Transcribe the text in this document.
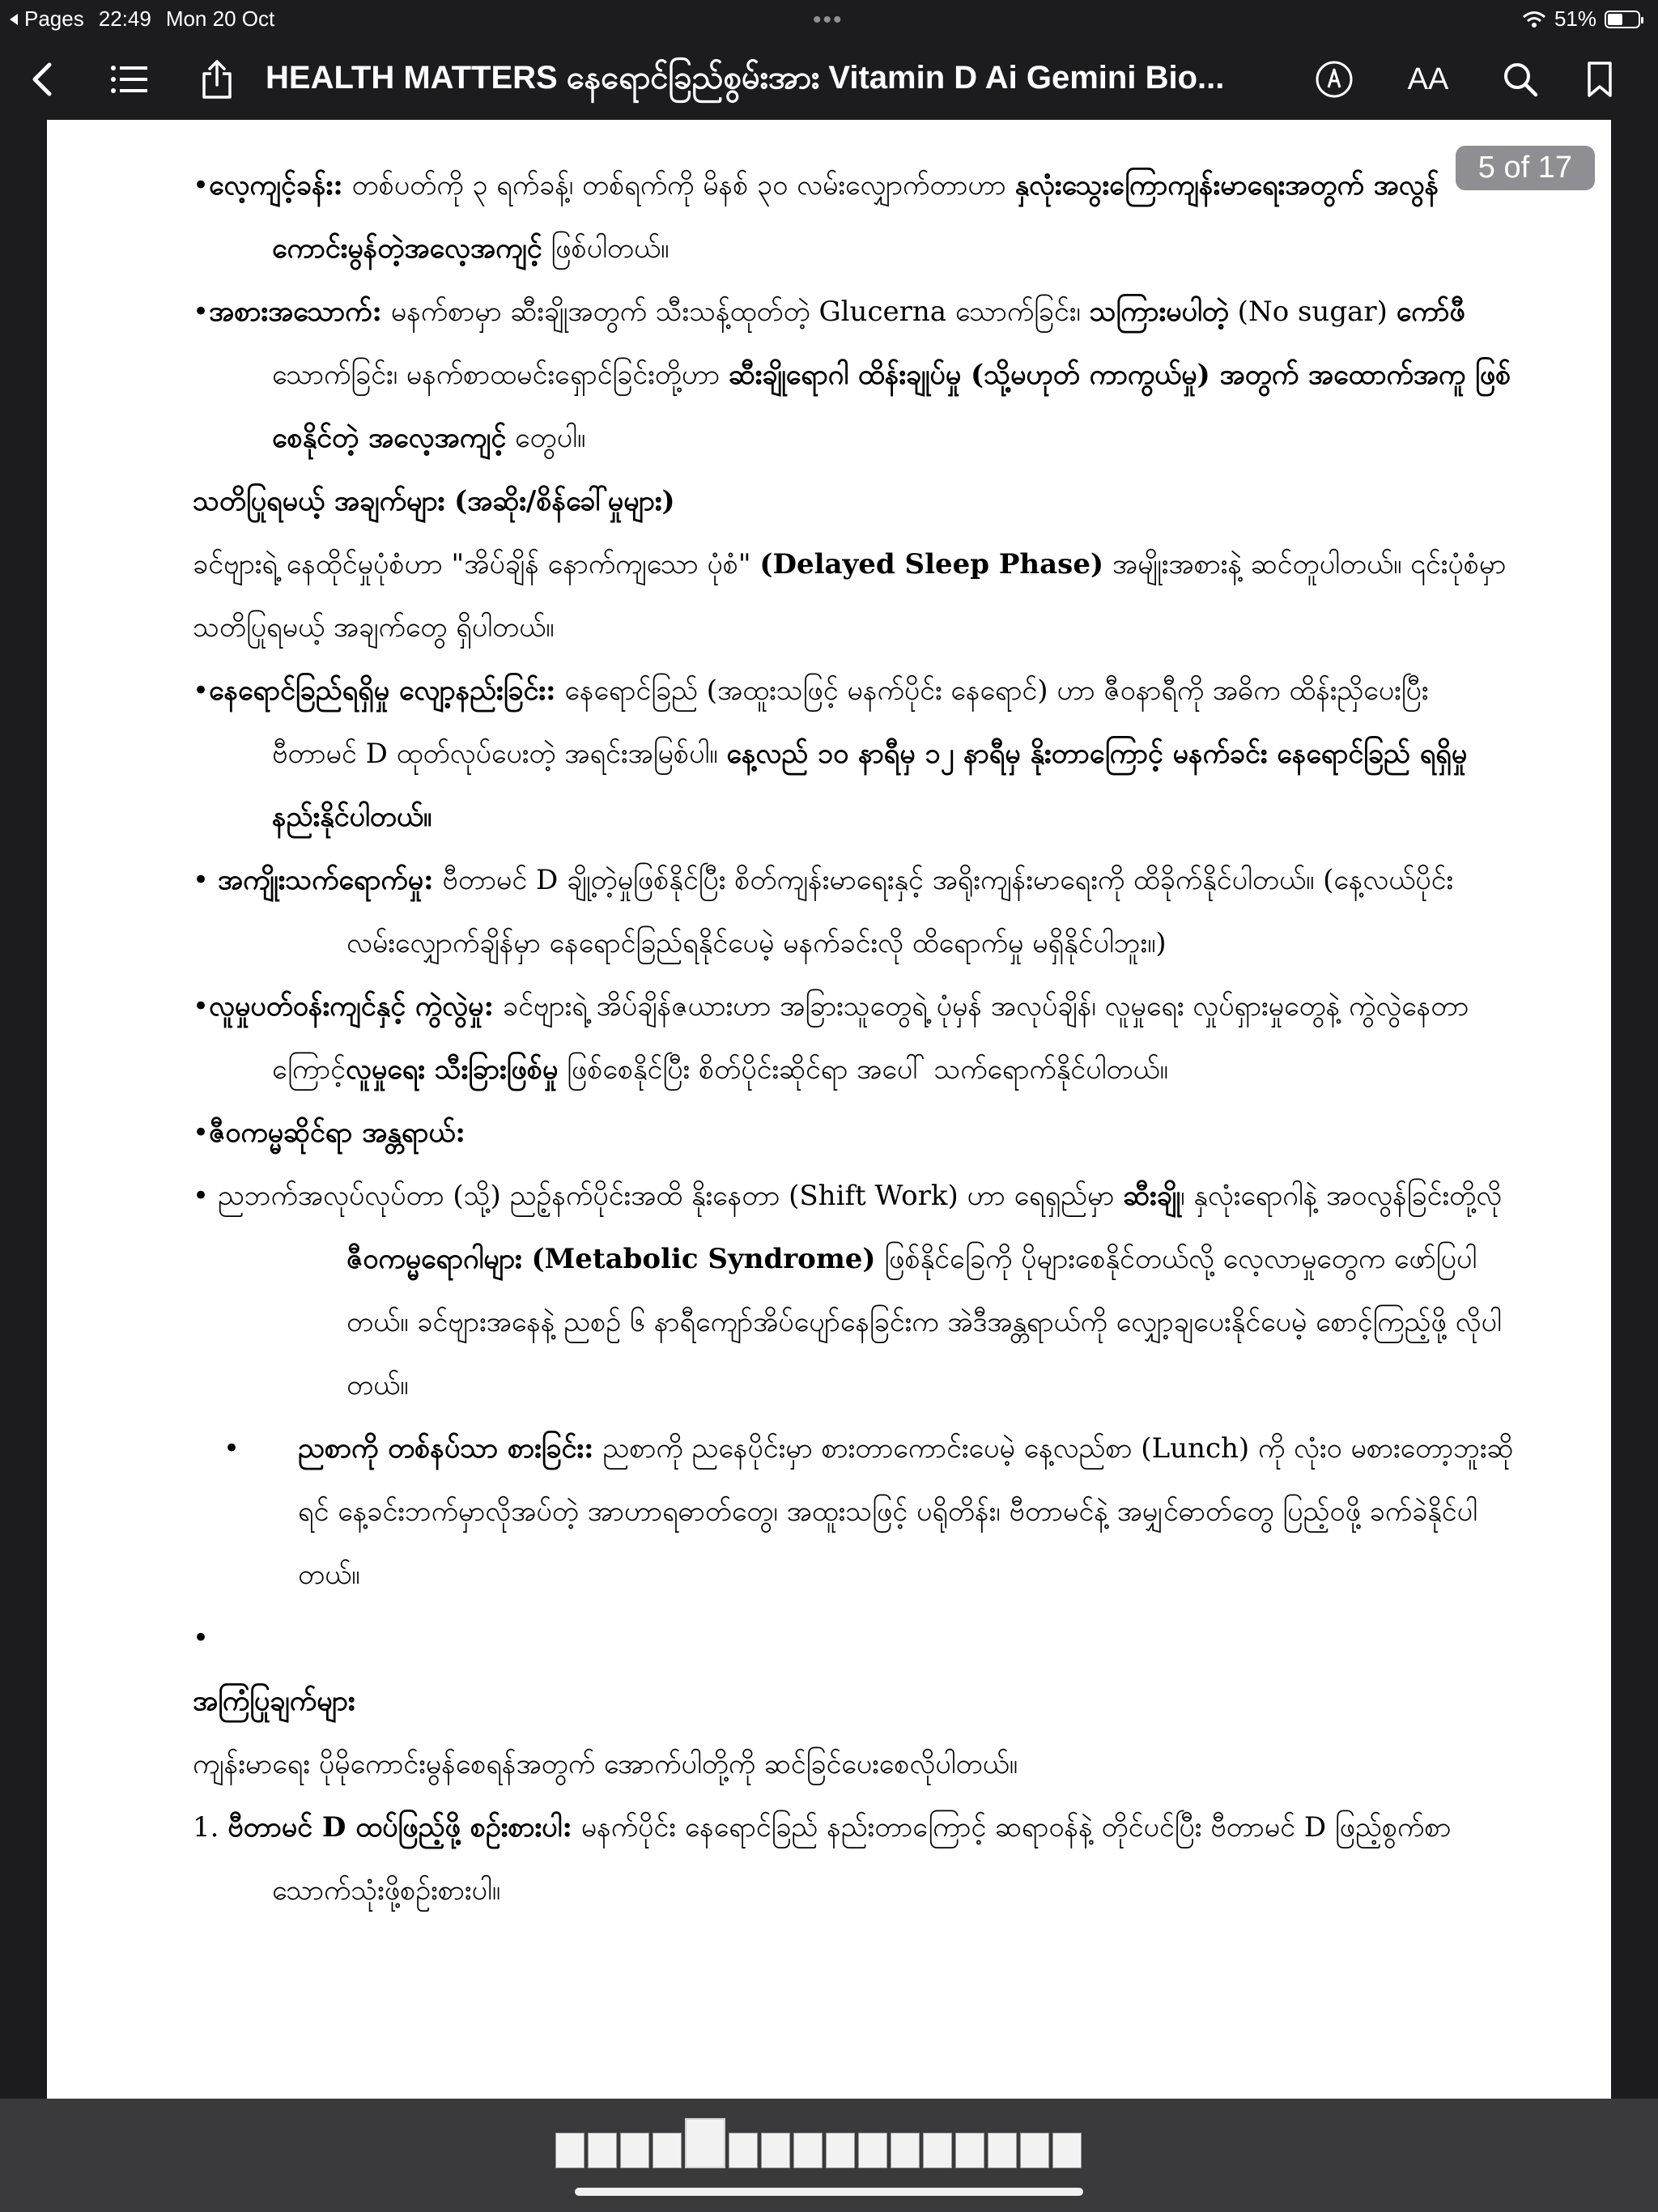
Pages 22:49 Mon 20 Oct	•••	51%
HEALTH MATTERS နေရောင်ခြည်စွမ်းအား Vitamin D Ai Gemini Bio...	AA
5 of 17
•လေ့ကျင့်ခန်း: တစ်ပတ်ကို ၃ ရက်ခန့်၊ တစ်ရက်ကို မိနစ် ၃၀ လမ်းလျှောက်တာဟာ နှလုံးသွေးကြောကျန်းမာရေးအတွက် အလွန်ကောင်းမွန်တဲ့အလေ့အကျင့် ဖြစ်ပါတယ်။
•အစားအသောက်: မနက်စာမှာ ဆီးချိုအတွက် သီးသန့်ထုတ်တဲ့ Glucerna သောက်ခြင်း၊ သကြားမပါတဲ့ (No sugar) ကော်ဖီ သောက်ခြင်း၊ မနက်စာထမင်းရှောင်ခြင်းတို့ဟာ ဆီးချိုရောဂါ ထိန်းချုပ်မှု (သို့မဟုတ် ကာကွယ်မှု) အတွက် အထောက်အကူ ဖြစ်စေနိုင်တဲ့ အလေ့အကျင့် တွေပါ။
သတိပြုရမယ့် အချက်များ (အဆိုး/စိန်ခေါ်မှုများ)
ခင်ဗျားရဲ့ နေထိုင်မှုပုံစံဟာ "အိပ်ချိန် နောက်ကျသော ပုံစံ" (Delayed Sleep Phase) အမျိုးအစားနဲ့ ဆင်တူပါတယ်။ ၎င်းပုံစံမှာ သတိပြုရမယ့် အချက်တွေ ရှိပါတယ်။
•နေရောင်ခြည်ရရှိမှု လျော့နည်းခြင်း: နေရောင်ခြည် (အထူးသဖြင့် မနက်ပိုင်း နေရောင်) ဟာ ဇီဝနာရီကို အဓိက ထိန်းညှိပေးပြီး ဗီတာမင် D ထုတ်လုပ်ပေးတဲ့ အရင်းအမြစ်ပါ။ နေ့လည် ၁၀ နာရီမှ ၁၂ နာရီမှ နိုးတာကြောင့် မနက်ခင်း နေရောင်ခြည် ရရှိမှု နည်းနိုင်ပါတယ်။
• အကျိုးသက်ရောက်မှု: ဗီတာမင် D ချို့တဲ့မှုဖြစ်နိုင်ပြီး စိတ်ကျန်းမာရေးနှင့် အရိုးကျန်းမာရေးကို ထိခိုက်နိုင်ပါတယ်။ (နေ့လယ်ပိုင်းလမ်းလျှောက်ချိန်မှာ နေရောင်ခြည်ရနိုင်ပေမဲ့ မနက်ခင်းလို ထိရောက်မှု မရှိနိုင်ပါဘူး။)
•လူမှုပတ်ဝန်းကျင်နှင့် ကွဲလွဲမှု: ခင်ဗျားရဲ့ အိပ်ချိန်ဇယားဟာ အခြားသူတွေရဲ့ ပုံမှန် အလုပ်ချိန်၊ လူမှုရေး လှုပ်ရှားမှုတွေနဲ့ ကွဲလွဲနေတာကြောင့်လူမှုရေး သီးခြားဖြစ်မှု ဖြစ်စေနိုင်ပြီး စိတ်ပိုင်းဆိုင်ရာ အပေါ် သက်ရောက်နိုင်ပါတယ်။
•ဇီဝကမ္မဆိုင်ရာ အန္တရာယ်:
• ညဘက်အလုပ်လုပ်တာ (သို့) ညဥ့်နက်ပိုင်းအထိ နိုးနေတာ (Shift Work) ဟာ ရေရှည်မှာ ဆီးချို၊ နှလုံးရောဂါနဲ့ အဝလွန်ခြင်းတို့လို ဇီဝကမ္မရောဂါများ (Metabolic Syndrome) ဖြစ်နိုင်ခြေကို ပိုများစေနိုင်တယ်လို့ လေ့လာမှုတွေက ဖော်ပြပါတယ်။ ခင်ဗျားအနေနဲ့ ညစဉ် ၆ နာရီကျော်အိပ်ပျော်နေခြင်းက အဲဒီအန္တရာယ်ကို လျှော့ချပေးနိုင်ပေမဲ့ စောင့်ကြည့်ဖို့ လိုပါတယ်။
• ညစာကို တစ်နပ်သာ စားခြင်း: ညစာကို ညနေပိုင်းမှာ စားတာကောင်းပေမဲ့ နေ့လည်စာ (Lunch) ကို လုံးဝ မစားတော့ဘူးဆိုရင် နေ့ခင်းဘက်မှာလိုအပ်တဲ့ အာဟာရဓာတ်တွေ၊ အထူးသဖြင့် ပရိုတိန်း၊ ဗီတာမင်နဲ့ အမျှင်ဓာတ်တွေ ပြည့်ဝဖို့ ခက်ခဲနိုင်ပါတယ်။
•
အကြံပြုချက်များ
ကျန်းမာရေး ပိုမိုကောင်းမွန်စေရန်အတွက် အောက်ပါတို့ကို ဆင်ခြင်ပေးစေလိုပါတယ်။
1. ဗီတာမင် D ထပ်ဖြည့်ဖို့ စဉ်းစားပါ: မနက်ပိုင်း နေရောင်ခြည် နည်းတာကြောင့် ဆရာဝန်နဲ့ တိုင်ပင်ပြီး ဗီတာမင် D ဖြည့်စွက်စာ သောက်သုံးဖို့စဉ်းစားပါ။
